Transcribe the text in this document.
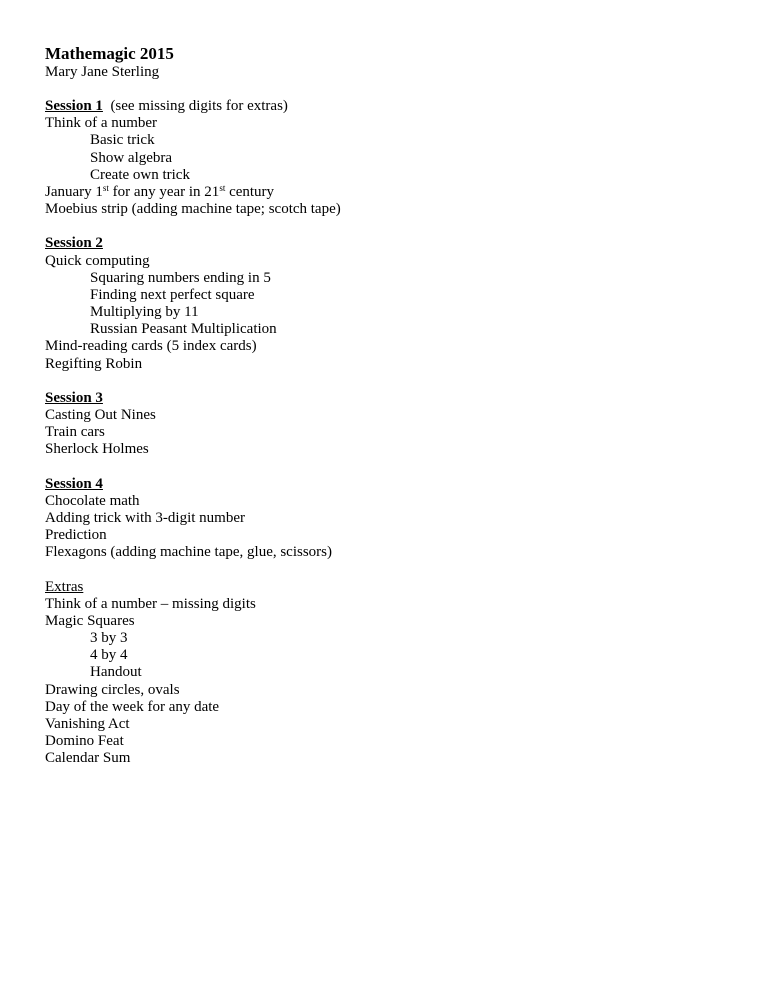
Mathemagic 2015
Mary Jane Sterling
Session 1 (see missing digits for extras)
Think of a number
Basic trick
Show algebra
Create own trick
January 1st for any year in 21st century
Moebius strip (adding machine tape; scotch tape)
Session 2
Quick computing
Squaring numbers ending in 5
Finding next perfect square
Multiplying by 11
Russian Peasant Multiplication
Mind-reading cards (5 index cards)
Regifting Robin
Session 3
Casting Out Nines
Train cars
Sherlock Holmes
Session 4
Chocolate math
Adding trick with 3-digit number
Prediction
Flexagons (adding machine tape, glue, scissors)
Extras
Think of a number – missing digits
Magic Squares
3 by 3
4 by 4
Handout
Drawing circles, ovals
Day of the week for any date
Vanishing Act
Domino Feat
Calendar Sum
